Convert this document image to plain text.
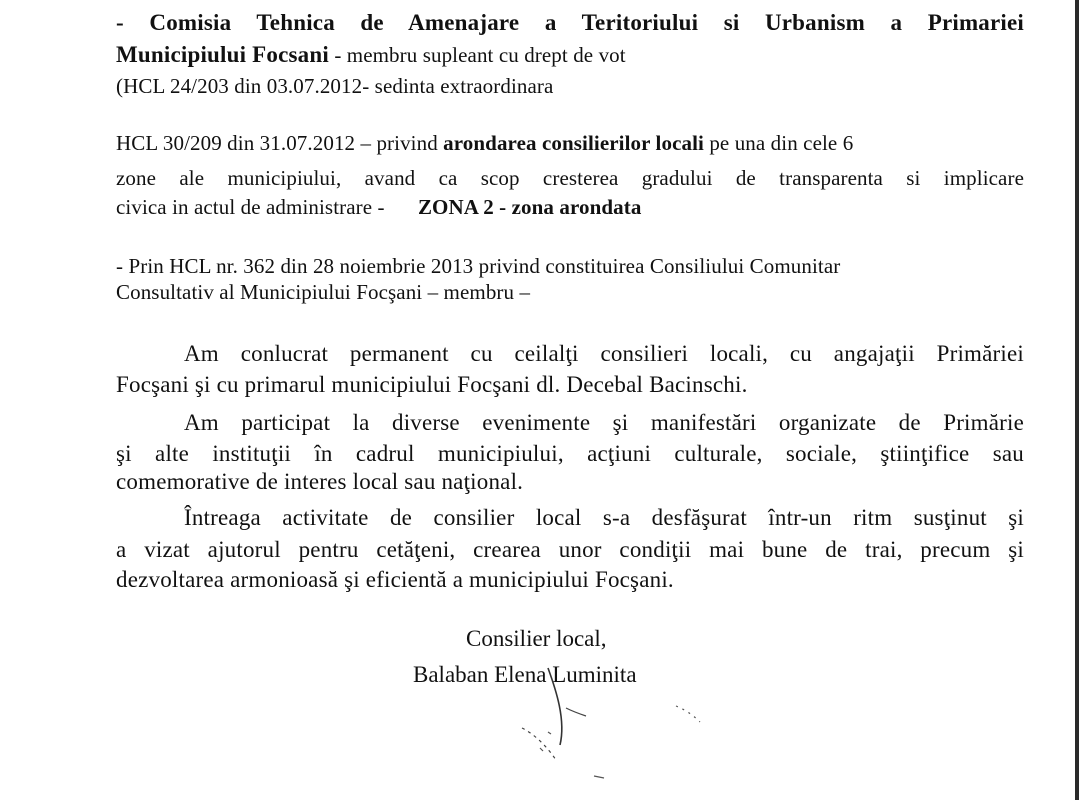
- Comisia Tehnica de Amenajare a Teritoriului si Urbanism a Primariei
Municipiului Focsani - membru supleant cu drept de vot
(HCL 24/203 din 03.07.2012- sedinta extraordinara
HCL 30/209 din 31.07.2012 – privind arondarea consilierilor locali pe una din cele 6
zone ale municipiului, avand ca scop cresterea gradului de transparenta si implicare
civica in actul de administrare - ZONA 2 - zona arondata
- Prin HCL nr. 362 din 28 noiembrie 2013 privind constituirea Consiliului Comunitar
Consultativ al Municipiului Focşani – membru –
Am conlucrat permanent cu ceilalţi consilieri locali, cu angajaţii Primăriei
Focşani şi cu primarul municipiului Focşani dl. Decebal Bacinschi.
Am participat la diverse evenimente şi manifestări organizate de Primărie
şi alte instituţii în cadrul municipiului, acţiuni culturale, sociale, ştiinţifice sau
comemorative de interes local sau naţional.
Întreaga activitate de consilier local s-a desfăşurat într-un ritm susţinut şi
a vizat ajutorul pentru cetăţeni, crearea unor condiţii mai bune de trai, precum şi
dezvoltarea armonioasă şi eficientă a municipiului Focşani.
Consilier local,
Balaban Elena Luminita
